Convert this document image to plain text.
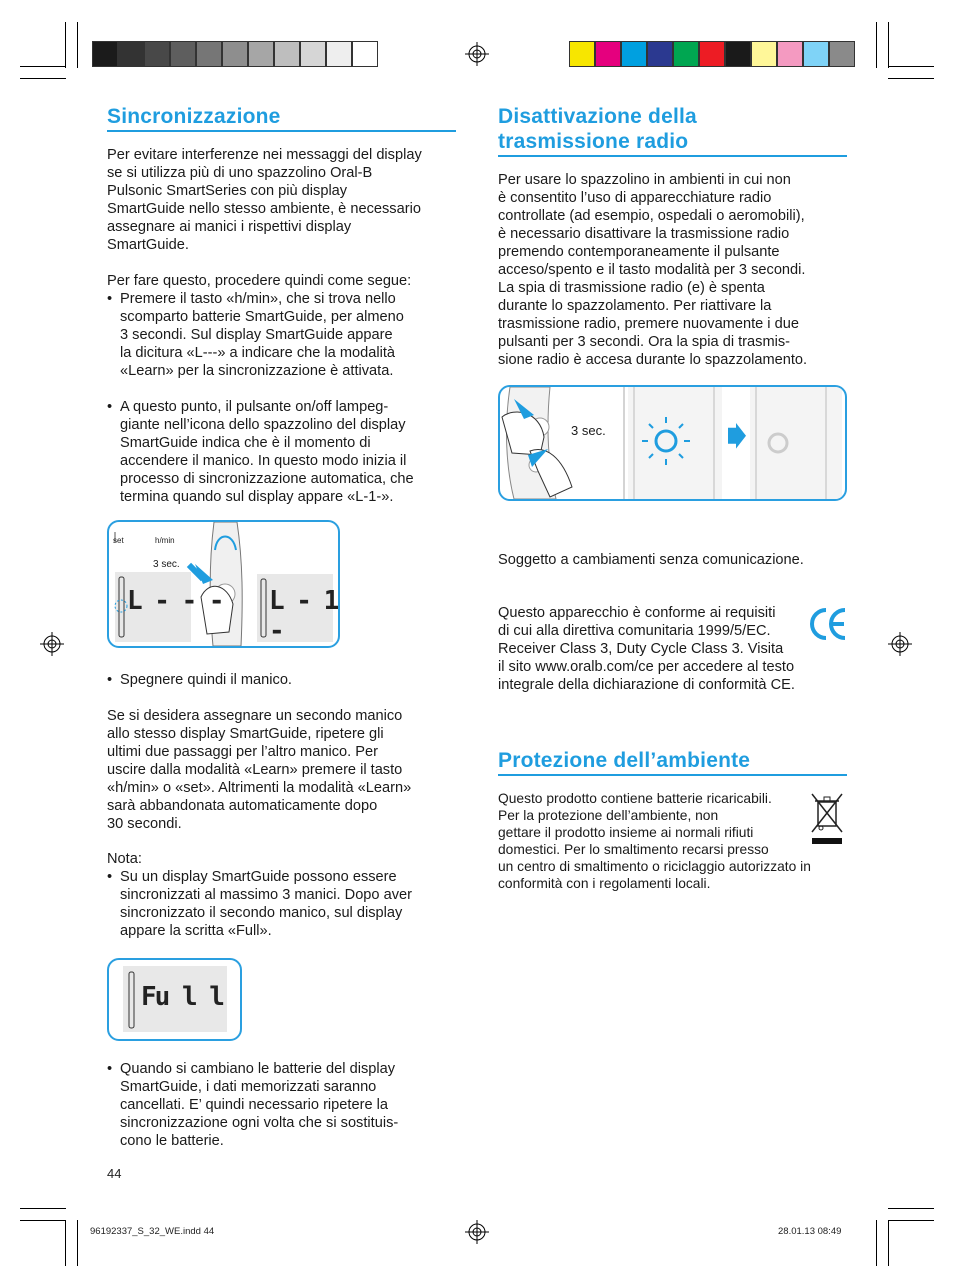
Sincronizzazione
Per evitare interferenze nei messaggi del display
se si utilizza più di uno spazzolino Oral-B
Pulsonic SmartSeries con più display
SmartGuide nello stesso ambiente, è necessario
assegnare ai manici i rispettivi display
SmartGuide.
Per fare questo, procedere quindi come segue:
• Premere il tasto «h/min», che si trova nello
scomparto batterie SmartGuide, per almeno
3 secondi. Sul display SmartGuide appare
la dicitura «L---» a indicare che la modalità
«Learn» per la sincronizzazione è attivata.
• A questo punto, il pulsante on/off lampeg-
giante nell’icona dello spazzolino del display
SmartGuide indica che è il momento di
accendere il manico. In questo modo inizia il
processo di sincronizzazione automatica, che
termina quando sul display appare «L-1-».
set	h/min
3 sec.
L - - - L - 1 -
• Spegnere quindi il manico.
Se si desidera assegnare un secondo manico
allo stesso display SmartGuide, ripetere gli
ultimi due passaggi per l’altro manico. Per
uscire dalla modalità «Learn» premere il tasto
«h/min» o «set». Altrimenti la modalità «Learn»
sarà abbandonata automaticamente dopo
30 secondi.
Nota:
• Su un display SmartGuide possono essere
sincronizzati al massimo 3 manici. Dopo aver
sincronizzato il secondo manico, sul display
appare la scritta «Full».
Fu l l
• Quando si cambiano le batterie del display
SmartGuide, i dati memorizzati saranno
cancellati. E’ quindi necessario ripetere la
sincronizzazione ogni volta che si sostituis-
cono le batterie.
44
Disattivazione della
trasmissione radio
Per usare lo spazzolino in ambienti in cui non
è consentito l’uso di apparecchiature radio
controllate (ad esempio, ospedali o aeromobili),
è necessario disattivare la trasmissione radio
premendo contemporaneamente il pulsante
acceso/spento e il tasto modalità per 3 secondi.
La spia di trasmissione radio (e) è spenta
durante lo spazzolamento. Per riattivare la
trasmissione radio, premere nuovamente i due
pulsanti per 3 secondi. Ora la spia di trasmis-
sione radio è accesa durante lo spazzolamento.
3 sec.
Soggetto a cambiamenti senza comunicazione.
Questo apparecchio è conforme ai requisiti
di cui alla direttiva comunitaria 1999/5/EC.
Receiver Class 3, Duty Cycle Class 3. Visita
il sito www.oralb.com/ce per accedere al testo
integrale della dichiarazione di conformità CE.
Protezione dell’ambiente
Questo prodotto contiene batterie ricaricabili.
Per la protezione dell’ambiente, non
gettare il prodotto insieme ai normali rifiuti
domestici. Per lo smaltimento recarsi presso
un centro di smaltimento o riciclaggio autorizzato in
conformità con i regolamenti locali.
96192337_S_32_WE.indd 44	28.01.13 08:49
